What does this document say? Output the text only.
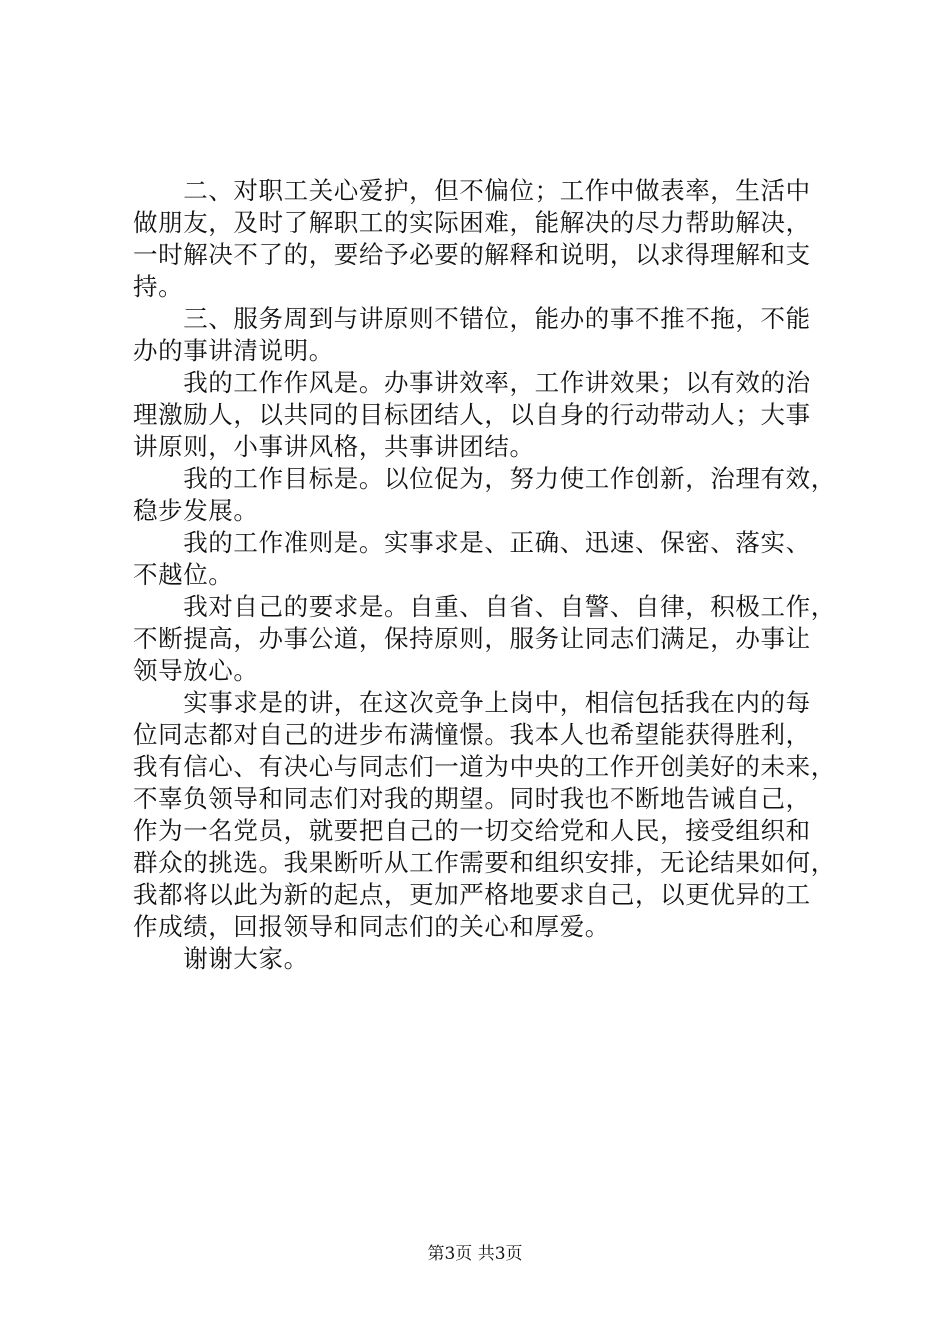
　　二、对职工关心爱护，但不偏位；工作中做表率，生活中
做朋友，及时了解职工的实际困难，能解决的尽力帮助解决，
一时解决不了的，要给予必要的解释和说明，以求得理解和支
持。
　　三、服务周到与讲原则不错位，能办的事不推不拖，不能
办的事讲清说明。
　　我的工作作风是。办事讲效率，工作讲效果；以有效的治
理激励人，以共同的目标团结人，以自身的行动带动人；大事
讲原则，小事讲风格，共事讲团结。
　　我的工作目标是。以位促为，努力使工作创新，治理有效，
稳步发展。
　　我的工作准则是。实事求是、正确、迅速、保密、落实、
不越位。
　　我对自己的要求是。自重、自省、自警、自律，积极工作，
不断提高，办事公道，保持原则，服务让同志们满足，办事让
领导放心。
　　实事求是的讲，在这次竞争上岗中，相信包括我在内的每
位同志都对自己的进步布满憧憬。我本人也希望能获得胜利，
我有信心、有决心与同志们一道为中央的工作开创美好的未来，
不辜负领导和同志们对我的期望。同时我也不断地告诫自己，
作为一名党员，就要把自己的一切交给党和人民，接受组织和
群众的挑选。我果断听从工作需要和组织安排，无论结果如何，
我都将以此为新的起点，更加严格地要求自己，以更优异的工
作成绩，回报领导和同志们的关心和厚爱。
　　谢谢大家。
第3页 共3页
